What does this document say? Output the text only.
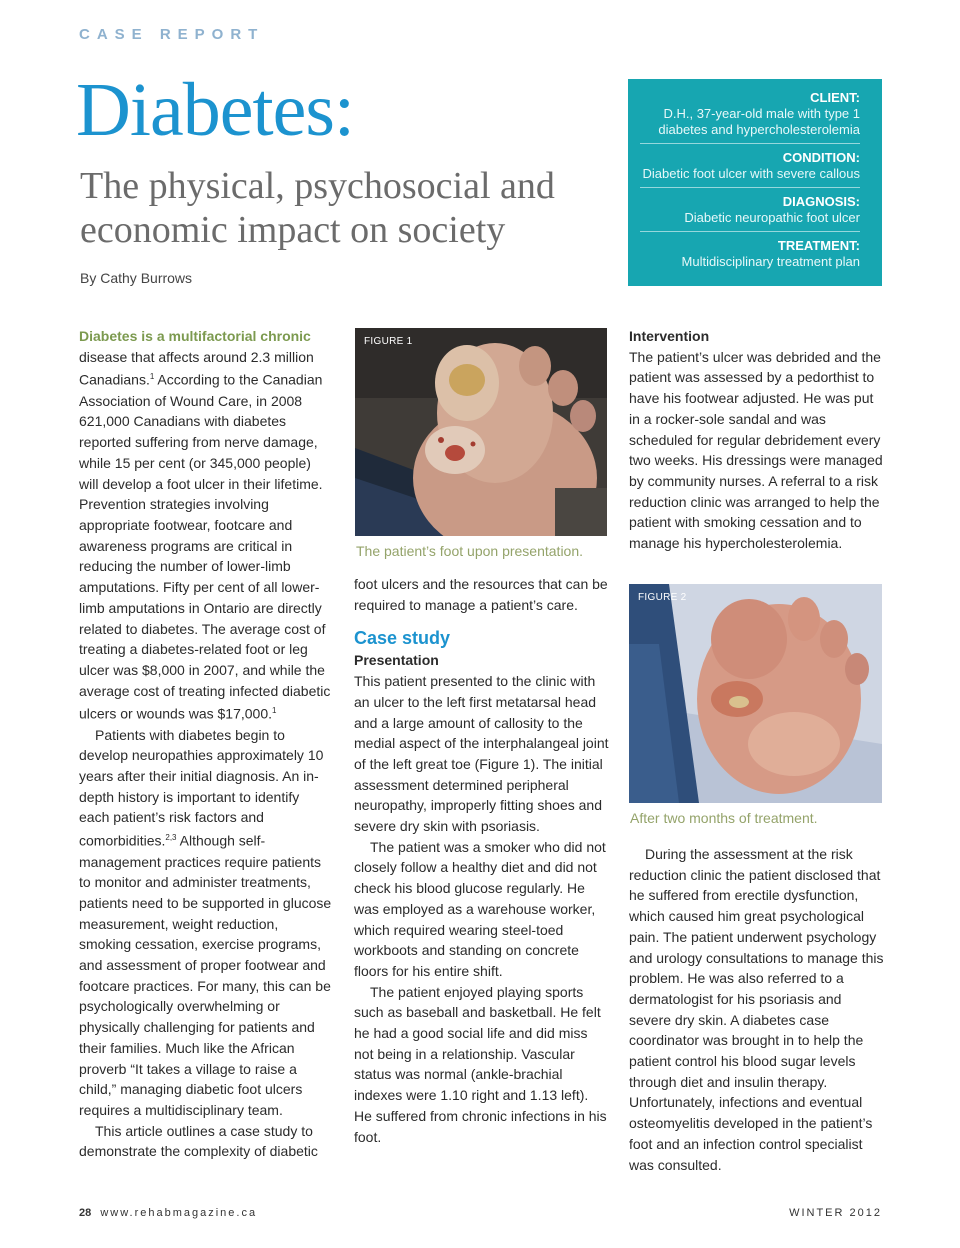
CASE REPORT
Diabetes:
The physical, psychosocial and economic impact on society
By Cathy Burrows
CLIENT:
D.H., 37-year-old male with type 1 diabetes and hypercholesterolemia
CONDITION:
Diabetic foot ulcer with severe callous
DIAGNOSIS:
Diabetic neuropathic foot ulcer
TREATMENT:
Multidisciplinary treatment plan

Diabetes is a multifactorial chronic disease that affects around 2.3 million Canadians.$^1$ According to the Canadian Association of Wound Care, in 2008 621,000 Canadians with diabetes reported suffering from nerve damage, while 15 per cent (or 345,000 people) will develop a foot ulcer in their lifetime. Prevention strategies involving appropriate footwear, footcare and awareness programs are critical in reducing the number of lower-limb amputations. Fifty per cent of all lower-limb amputations in Ontario are directly related to diabetes. The average cost of treating a diabetes-related foot or leg ulcer was $8,000 in 2007, and while the average cost of treating infected diabetic ulcers or wounds was $17,000.$^1$

Patients with diabetes begin to develop neuropathies approximately 10 years after their initial diagnosis. An in-depth history is important to identify each patient’s risk factors and comorbidities.$^{2,3}$ Although self-management practices require patients to monitor and administer treatments, patients need to be supported in glucose measurement, weight reduction, smoking cessation, exercise programs, and assessment of proper footwear and footcare practices. For many, this can be psychologically overwhelming or physically challenging for patients and their families. Much like the African proverb “It takes a village to raise a child,” managing diabetic foot ulcers requires a multidisciplinary team.

This article outlines a case study to demonstrate the complexity of diabetic

FIGURE 1
The patient’s foot upon presentation.

foot ulcers and the resources that can be required to manage a patient’s care.

Case study
Presentation

This patient presented to the clinic with an ulcer to the left first metatarsal head and a large amount of callosity to the medial aspect of the interphalangeal joint of the left great toe (Figure 1). The initial assessment determined peripheral neuropathy, improperly fitting shoes and severe dry skin with psoriasis.

The patient was a smoker who did not closely follow a healthy diet and did not check his blood glucose regularly. He was employed as a warehouse worker, which required wearing steel-toed workboots and standing on concrete floors for his entire shift.

The patient enjoyed playing sports such as baseball and basketball. He felt he had a good social life and did miss not being in a relationship. Vascular status was normal (ankle-brachial indexes were 1.10 right and 1.13 left). He suffered from chronic infections in his foot.

Intervention

The patient’s ulcer was debrided and the patient was assessed by a pedorthist to have his footwear adjusted. He was put in a rocker-sole sandal and was scheduled for regular debridement every two weeks. His dressings were managed by community nurses. A referral to a risk reduction clinic was arranged to help the patient with smoking cessation and to manage his hypercholesterolemia.

FIGURE 2
After two months of treatment.

During the assessment at the risk reduction clinic the patient disclosed that he suffered from erectile dysfunction, which caused him great psychological pain. The patient underwent psychology and urology consultations to manage this problem. He was also referred to a dermatologist for his psoriasis and severe dry skin. A diabetes case coordinator was brought in to help the patient control his blood sugar levels through diet and insulin therapy. Unfortunately, infections and eventual osteomyelitis developed in the patient’s foot and an infection control specialist was consulted.

28 www.rehabmagazine.ca	WINTER 2012
